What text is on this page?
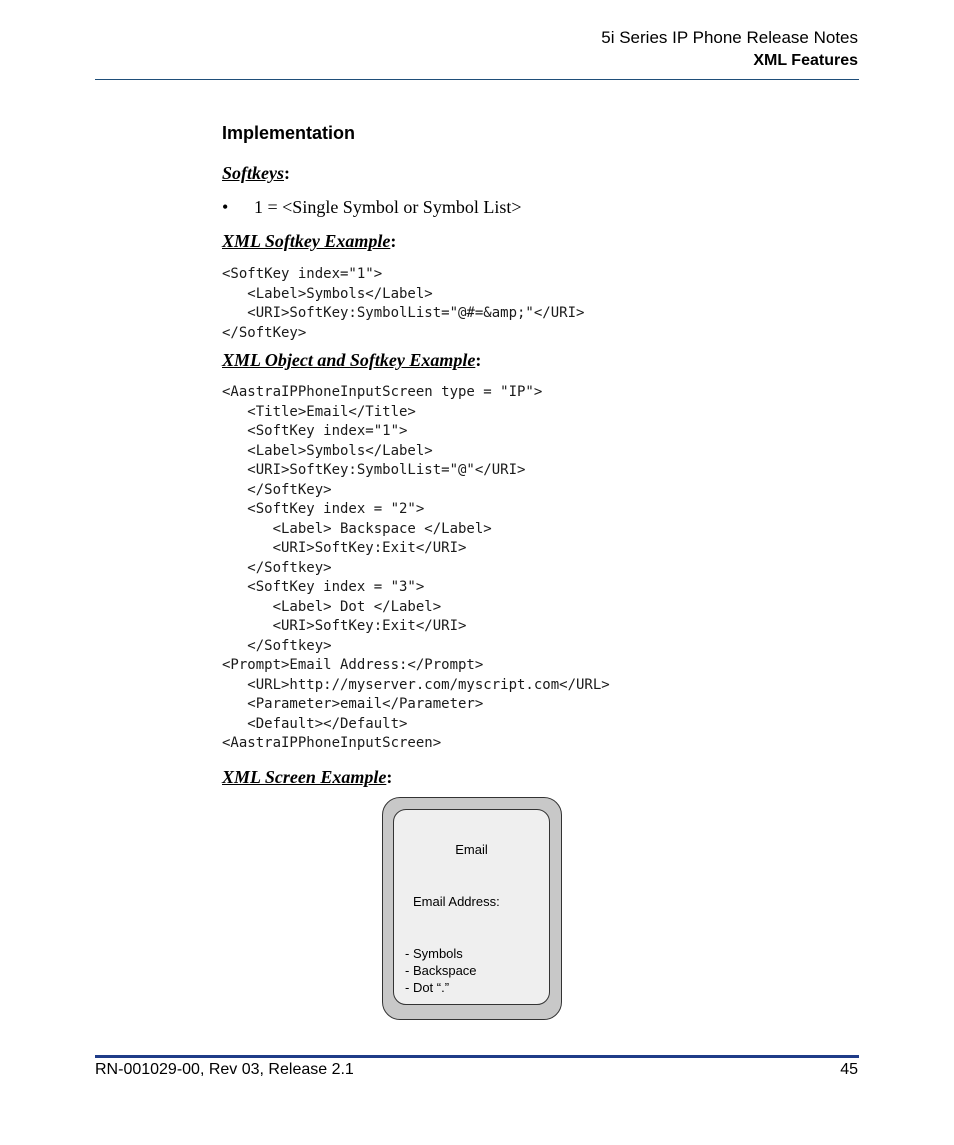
5i Series IP Phone Release Notes
XML Features
Implementation
Softkeys:
• 1 = <Single Symbol or Symbol List>
XML Softkey Example:
<SoftKey index="1">
<Label>Symbols</Label>
<URI>SoftKey:SymbolList="@#=&amp;"</URI>
</SoftKey>
XML Object and Softkey Example:
<AastraIPPhoneInputScreen type = "IP">
<Title>Email</Title>
<SoftKey index="1">
<Label>Symbols</Label>
<URI>SoftKey:SymbolList="@"</URI>
</SoftKey>
<SoftKey index = "2">
<Label> Backspace </Label>
<URI>SoftKey:Exit</URI>
</Softkey>
<SoftKey index = "3">
<Label> Dot </Label>
<URI>SoftKey:Exit</URI>
</Softkey>
<Prompt>Email Address:</Prompt>
<URL>http://myserver.com/myscript.com</URL>
<Parameter>email</Parameter>
<Default></Default>
<AastraIPPhoneInputScreen>
XML Screen Example:
Email
Email Address:
- Symbols
- Backspace
- Dot “.”
RN-001029-00, Rev 03, Release 2.1	45
